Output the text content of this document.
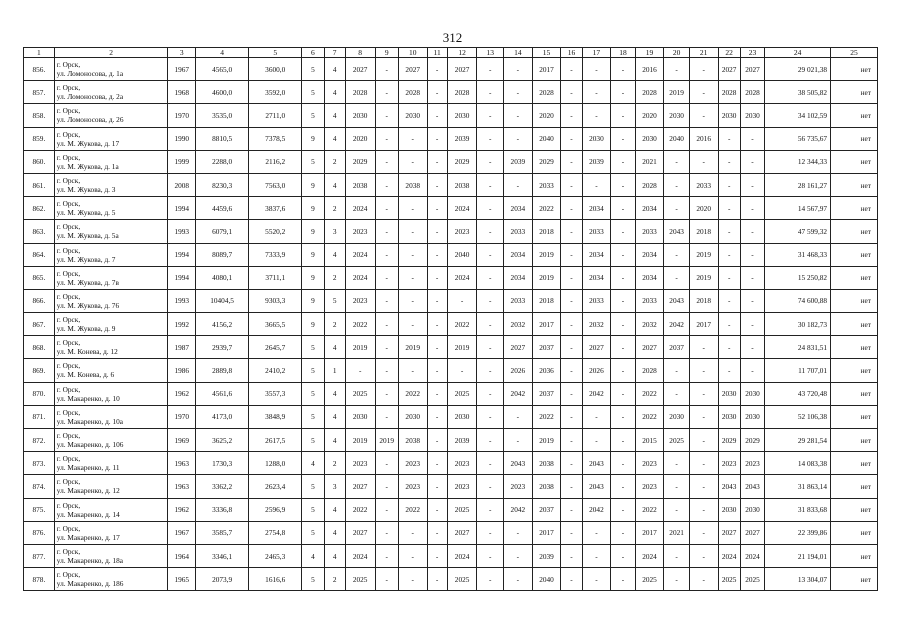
312
1	2	3	4	5	6	7	8	9	10	11	12	13	14	15	16	17	18	19	20	21	22	23	24	25
856.	г. Орск,
ул. Ломоносова, д. 1а	1967	4565,0	3600,0	5	4	2027	-	2027	-	2027	-	-	2017	-	-	-	2016	-	-	2027	2027	29 021,38	нет
857.	г. Орск,
ул. Ломоносова, д. 2а	1968	4600,0	3592,0	5	4	2028	-	2028	-	2028	-	-	2028	-	-	-	2028	2019	-	2028	2028	38 505,82	нет
858.	г. Орск,
ул. Ломоносова, д. 26	1970	3535,0	2711,0	5	4	2030	-	2030	-	2030	-	-	2020	-	-	-	2020	2030	-	2030	2030	34 102,59	нет
859.	г. Орск,
ул. М. Жукова, д. 17	1990	8810,5	7378,5	9	4	2020	-	-	-	2039	-	-	2040	-	2030	-	2030	2040	2016	-	-	56 735,67	нет
860.	г. Орск,
ул. М. Жукова, д. 1а	1999	2288,0	2116,2	5	2	2029	-	-	-	2029	-	2039	2029	-	2039	-	2021	-	-	-	-	12 344,33	нет
861.	г. Орск,
ул. М. Жукова, д. 3	2008	8230,3	7563,0	9	4	2038	-	2038	-	2038	-	-	2033	-	-	-	2028	-	2033	-	-	28 161,27	нет
862.	г. Орск,
ул. М. Жукова, д. 5	1994	4459,6	3837,6	9	2	2024	-	-	-	2024	-	2034	2022	-	2034	-	2034	-	2020	-	-	14 567,97	нет
863.	г. Орск,
ул. М. Жукова, д. 5а	1993	6079,1	5520,2	9	3	2023	-	-	-	2023	-	2033	2018	-	2033	-	2033	2043	2018	-	-	47 599,32	нет
864.	г. Орск,
ул. М. Жукова, д. 7	1994	8089,7	7333,9	9	4	2024	-	-	-	2040	-	2034	2019	-	2034	-	2034	-	2019	-	-	31 468,33	нет
865.	г. Орск,
ул. М. Жукова, д. 7в	1994	4080,1	3711,1	9	2	2024	-	-	-	2024	-	2034	2019	-	2034	-	2034	-	2019	-	-	15 250,82	нет
866.	г. Орск,
ул. М. Жукова, д. 76	1993	10404,5	9303,3	9	5	2023	-	-	-	-	-	2033	2018	-	2033	-	2033	2043	2018	-	-	74 600,88	нет
867.	г. Орск,
ул. М. Жукова, д. 9	1992	4156,2	3665,5	9	2	2022	-	-	-	2022	-	2032	2017	-	2032	-	2032	2042	2017	-	-	30 182,73	нет
868.	г. Орск,
ул. М. Конева, д. 12	1987	2939,7	2645,7	5	4	2019	-	2019	-	2019	-	2027	2037	-	2027	-	2027	2037	-	-	-	24 831,51	нет
869.	г. Орск,
ул. М. Конева, д. 6	1986	2889,8	2410,2	5	1	-	-	-	-	-	-	2026	2036	-	2026	-	2028	-	-	-	-	11 707,01	нет
870.	г. Орск,
ул. Макаренко, д. 10	1962	4561,6	3557,3	5	4	2025	-	2022	-	2025	-	2042	2037	-	2042	-	2022	-	-	2030	2030	43 720,48	нет
871.	г. Орск,
ул. Макаренко, д. 10а	1970	4173,0	3848,9	5	4	2030	-	2030	-	2030	-	-	2022	-	-	-	2022	2030	-	2030	2030	52 106,38	нет
872.	г. Орск,
ул. Макаренко, д. 106	1969	3625,2	2617,5	5	4	2019	2019	2038	-	2039	-	-	2019	-	-	-	2015	2025	-	2029	2029	29 281,54	нет
873.	г. Орск,
ул. Макаренко, д. 11	1963	1730,3	1288,0	4	2	2023	-	2023	-	2023	-	2043	2038	-	2043	-	2023	-	-	2023	2023	14 083,38	нет
874.	г. Орск,
ул. Макаренко, д. 12	1963	3362,2	2623,4	5	3	2027	-	2023	-	2023	-	2023	2038	-	2043	-	2023	-	-	2043	2043	31 863,14	нет
875.	г. Орск,
ул. Макаренко, д. 14	1962	3336,8	2596,9	5	4	2022	-	2022	-	2025	-	2042	2037	-	2042	-	2022	-	-	2030	2030	31 833,68	нет
876.	г. Орск,
ул. Макаренко, д. 17	1967	3585,7	2754,8	5	4	2027	-	-	-	2027	-	-	2017	-	-	-	2017	2021	-	2027	2027	22 399,86	нет
877.	г. Орск,
ул. Макаренко, д. 18а	1964	3346,1	2465,3	4	4	2024	-	-	-	2024	-	-	2039	-	-	-	2024	-	-	2024	2024	21 194,01	нет
878.	г. Орск,
ул. Макаренко, д. 186	1965	2073,9	1616,6	5	2	2025	-	-	-	2025	-	-	2040	-	-	-	2025	-	-	2025	2025	13 304,07	нет
